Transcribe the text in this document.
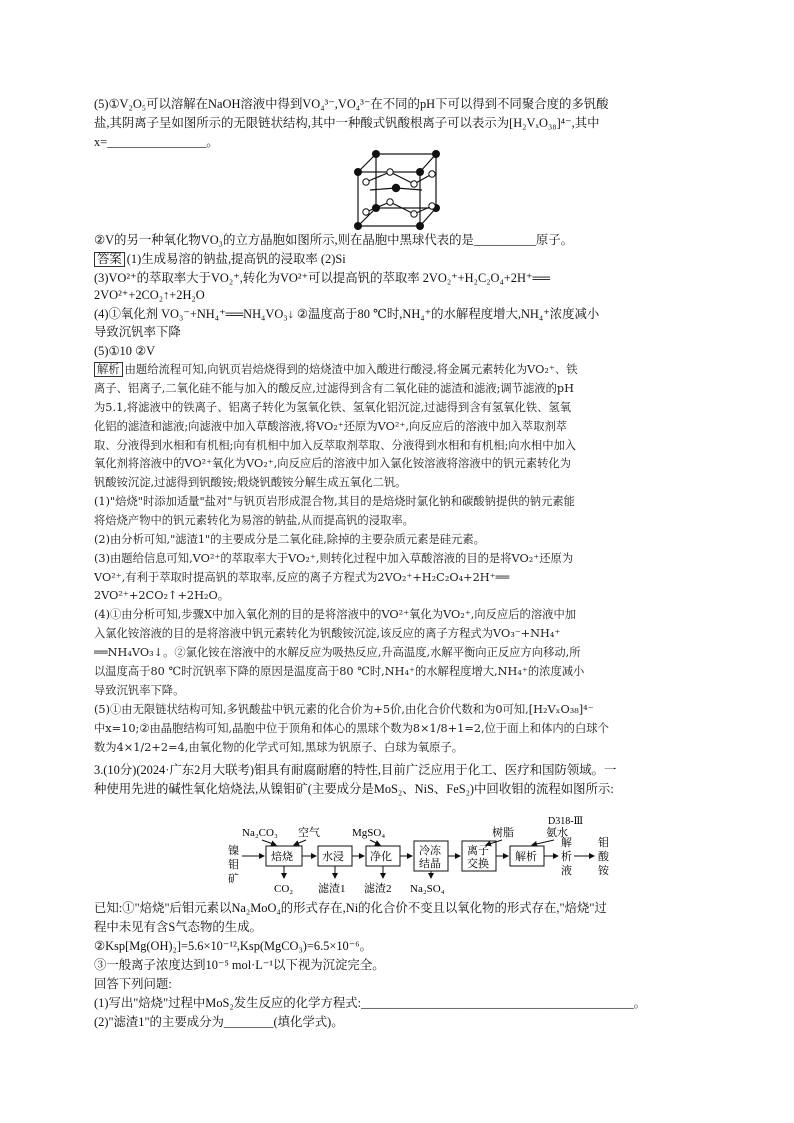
(5)①V₂O₅可以溶解在NaOH溶液中得到VO₄³⁻,VO₄³⁻在不同的pH下可以得到不同聚合度的多钒酸
盐,其阴离子呈如图所示的无限链状结构,其中一种酸式钒酸根离子可以表示为[H₂VₓO₃₈]⁴⁻,其中
x=________________。
②V的另一种氧化物VO₃的立方晶胞如图所示,则在晶胞中黑球代表的是__________原子。
答案 (1)生成易溶的钠盐,提高钒的浸取率 (2)Si
(3)VO²⁺的萃取率大于VO₂⁺,转化为VO²⁺可以提高钒的萃取率 2VO₂⁺+H₂C₂O₄+2H⁺══
2VO²⁺+2CO₂↑+2H₂O
(4)①氧化剂 VO₃⁻+NH₄⁺══NH₄VO₃↓ ②温度高于80 ℃时,NH₄⁺的水解程度增大,NH₄⁺浓度减小
导致沉钒率下降
(5)①10 ②V
解析 由题给流程可知,向钒页岩焙烧得到的焙烧渣中加入酸进行酸浸,将金属元素转化为VO₂⁺、铁
离子、铝离子,二氧化硅不能与加入的酸反应,过滤得到含有二氧化硅的滤渣和滤液;调节滤液的pH
为5.1,将滤液中的铁离子、铝离子转化为氢氧化铁、氢氧化铝沉淀,过滤得到含有氢氧化铁、氢氧
化铝的滤渣和滤液;向滤液中加入草酸溶液,将VO₂⁺还原为VO²⁺,向反应后的溶液中加入萃取剂萃
取、分液得到水相和有机相;向有机相中加入反萃取剂萃取、分液得到水相和有机相;向水相中加入
氧化剂将溶液中的VO²⁺氧化为VO₂⁺,向反应后的溶液中加入氯化铵溶液将溶液中的钒元素转化为
钒酸铵沉淀,过滤得到钒酸铵;煅烧钒酸铵分解生成五氧化二钒。
(1)"焙烧"时添加适量"盐对"与钒页岩形成混合物,其目的是焙烧时氯化钠和碳酸钠提供的钠元素能
将焙烧产物中的钒元素转化为易溶的钠盐,从而提高钒的浸取率。
(2)由分析可知,"滤渣1"的主要成分是二氧化硅,除掉的主要杂质元素是硅元素。
(3)由题给信息可知,VO²⁺的萃取率大于VO₂⁺,则转化过程中加入草酸溶液的目的是将VO₂⁺还原为
VO²⁺,有利于萃取时提高钒的萃取率,反应的离子方程式为2VO₂⁺+H₂C₂O₄+2H⁺══
2VO²⁺+2CO₂↑+2H₂O。
(4)①由分析可知,步骤X中加入氧化剂的目的是将溶液中的VO²⁺氧化为VO₂⁺,向反应后的溶液中加
入氯化铵溶液的目的是将溶液中钒元素转化为钒酸铵沉淀,该反应的离子方程式为VO₃⁻+NH₄⁺
══NH₄VO₃↓。②氯化铵在溶液中的水解反应为吸热反应,升高温度,水解平衡向正反应方向移动,所
以温度高于80 ℃时沉钒率下降的原因是温度高于80 ℃时,NH₄⁺的水解程度增大,NH₄⁺的浓度减小
导致沉钒率下降。
(5)①由无限链状结构可知,多钒酸盐中钒元素的化合价为+5价,由化合价代数和为0可知,[H₂VₓO₃₈]⁴⁻
中x=10;②由晶胞结构可知,晶胞中位于顶角和体心的黑球个数为8×1/8+1=2,位于面上和体内的白球个
数为4×1/2+2=4,由氧化物的化学式可知,黑球为钒原子、白球为氧原子。
3.(10分)(2024·广东2月大联考)钼具有耐腐耐磨的特性,目前广泛应用于化工、医疗和国防领域。一
种使用先进的碱性氧化焙烧法,从镍钼矿(主要成分是MoS₂、NiS、FeS₂)中回收钼的流程如图所示:
D318-Ⅲ
Na₂CO₃ 空气	MgSO₄	树脂	氨水
镍
钼
矿
焙烧	水浸 净化 冷冻
结晶
离子
交换
解析
解
析
液
钼
酸
铵
CO₂ 滤渣1 滤渣2 Na₂SO₄
已知:①"焙烧"后钼元素以Na₂MoO₄的形式存在,Ni的化合价不变且以氧化物的形式存在,"焙烧"过
程中未见有含S气态物的生成。
②Ksp[Mg(OH)₂]=5.6×10⁻¹²,Ksp(MgCO₃)=6.5×10⁻⁶。
③一般离子浓度达到10⁻⁵ mol·L⁻¹以下视为沉淀完全。
回答下列问题:
(1)写出"焙烧"过程中MoS₂发生反应的化学方程式:____________________________________________。
(2)"滤渣1"的主要成分为________(填化学式)。
